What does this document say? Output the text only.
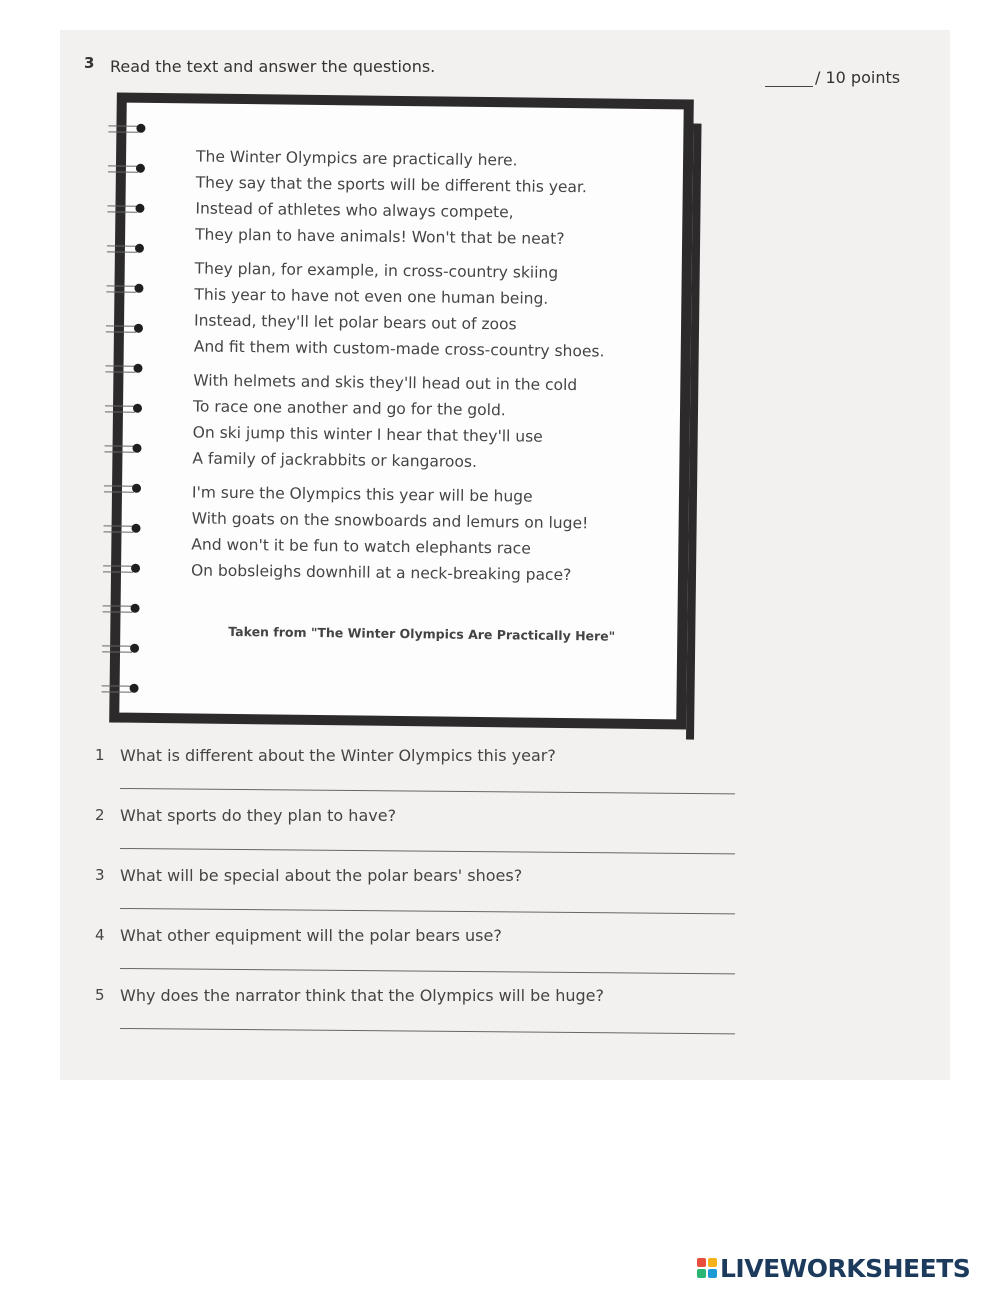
3 Read the text and answer the questions.
/ 10 points
The Winter Olympics are practically here.
They say that the sports will be different this year.
Instead of athletes who always compete,
They plan to have animals! Won't that be neat?
They plan, for example, in cross-country skiing
This year to have not even one human being.
Instead, they'll let polar bears out of zoos
And fit them with custom-made cross-country shoes.
With helmets and skis they'll head out in the cold
To race one another and go for the gold.
On ski jump this winter I hear that they'll use
A family of jackrabbits or kangaroos.
I'm sure the Olympics this year will be huge
With goats on the snowboards and lemurs on luge!
And won't it be fun to watch elephants race
On bobsleighs downhill at a neck-breaking pace?
Taken from "The Winter Olympics Are Practically Here"
1 What is different about the Winter Olympics this year?
2 What sports do they plan to have?
3 What will be special about the polar bears' shoes?
4 What other equipment will the polar bears use?
5 Why does the narrator think that the Olympics will be huge?
LIVEWORKSHEETS
